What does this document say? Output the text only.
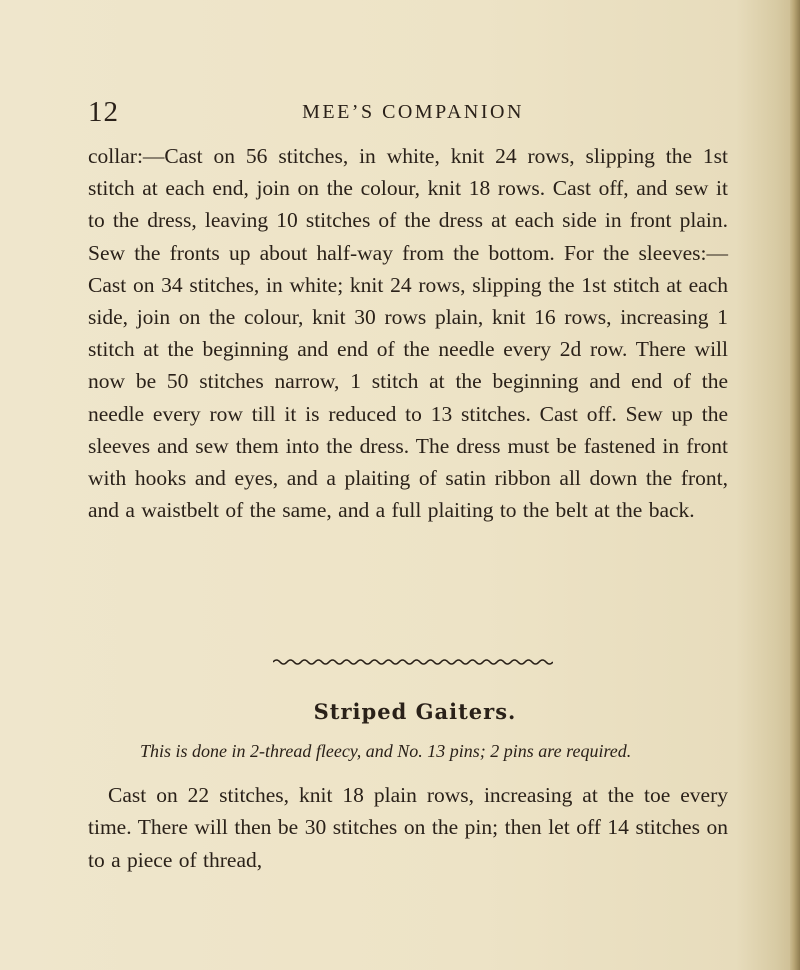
12	MEE’S COMPANION

collar:—Cast on 56 stitches, in white, knit 24 rows, slipping the 1st stitch at each end, join on the colour, knit 18 rows. Cast off, and sew it to the dress, leaving 10 stitches of the dress at each side in front plain. Sew the fronts up about half-way from the bottom. For the sleeves:—Cast on 34 stitches, in white; knit 24 rows, slipping the 1st stitch at each side, join on the colour, knit 30 rows plain, knit 16 rows, increasing 1 stitch at the beginning and end of the needle every 2d row. There will now be 50 stitches narrow, 1 stitch at the beginning and end of the needle every row till it is reduced to 13 stitches. Cast off. Sew up the sleeves and sew them into the dress. The dress must be fastened in front with hooks and eyes, and a plaiting of satin ribbon all down the front, and a waistbelt of the same, and a full plaiting to the belt at the back.

Striped Gaiters.

This is done in 2-thread fleecy, and No. 13 pins; 2 pins are required.

Cast on 22 stitches, knit 18 plain rows, increasing at the toe every time. There will then be 30 stitches on the pin; then let off 14 stitches on to a piece of thread,
